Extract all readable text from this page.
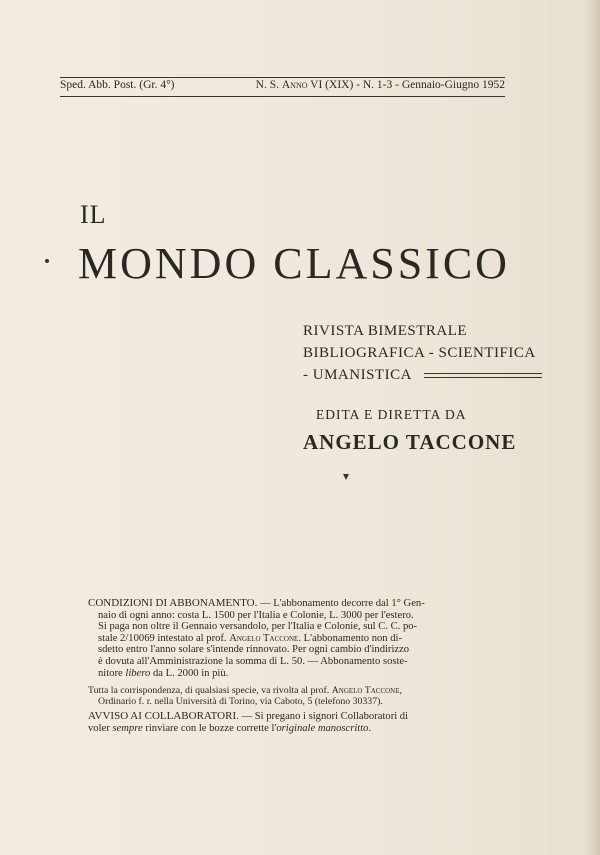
Sped. Abb. Post. (Gr. 4°)	N. S. Anno VI (XIX) - N. 1-3 - Gennaio-Giugno 1952
IL
MONDO CLASSICO
RIVISTA BIMESTRALE
BIBLIOGRAFICA - SCIENTIFICA
- UMANISTICA
EDITA E DIRETTA DA
ANGELO TACCONE

CONDIZIONI DI ABBONAMENTO. — L'abbonamento decorre dal 1° Gen-

naio di ogni anno: costa L. 1500 per l'Italia e Colonie, L. 3000 per l'estero.

Si paga non oltre il Gennaio versandolo, per l'Italia e Colonie, sul C. C. po-

stale 2/10069 intestato al prof. Angelo Taccone. L'abbonamento non di-

sdetto entro l'anno solare s'intende rinnovato. Per ogni cambio d'indirizzo

è dovuta all'Amministrazione la somma di L. 50. — Abbonamento soste-

nitore libero da L. 2000 in più.

Tutta la corrispondenza, di qualsiasi specie, va rivolta al prof. Angelo Taccone,

Ordinario f. r. nella Università di Torino, via Caboto, 5 (telefono 30337).

AVVISO AI COLLABORATORI. — Si pregano i signori Collaboratori di

voler sempre rinviare con le bozze corrette l'originale manoscritto.
